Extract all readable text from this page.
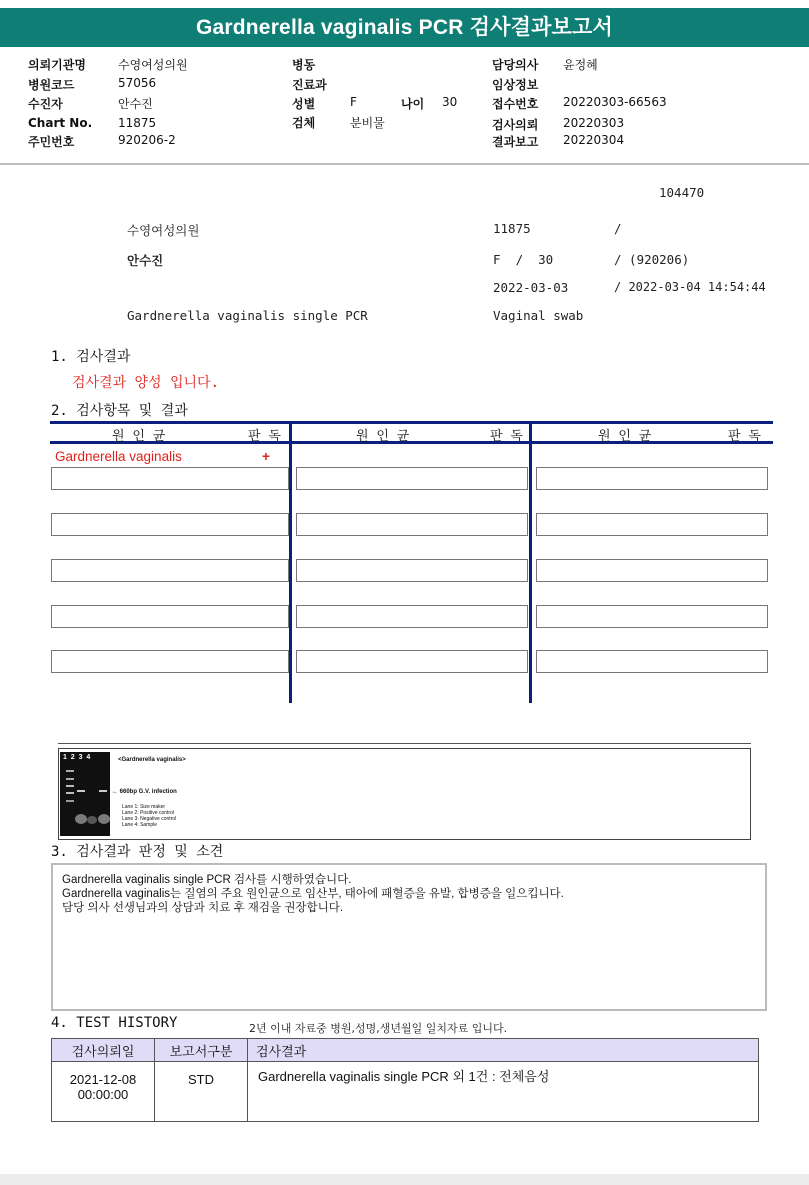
Gardnerella vaginalis PCR 검사결과보고서
의뢰기관명	수영여성의원
병원코드	57056
수진자	안수진
Chart No. 11875
주민번호	920206-2
병동
진료과
성별	F	나이 30
검체	분비물
담당의사 윤정혜
임상정보
접수번호 20220303-66563
검사의뢰 20220303
결과보고 20220304
104470
수영여성의원	11875	/
안수진	F  /  30	/ (920206)
2022-03-03	/ 2022-03-04 14:54:44
Gardnerella vaginalis single PCR	Vaginal swab
1. 검사결과
검사결과 양성 입니다.
2. 검사항목 및 결과
원 인 균	판 독	원 인 균	판 독	원 인 균	판 독
Gardnerella vaginalis	+
1  2  3  4	<Gardnerella vaginalis>
← 660bp G.V. infection
Lane 1: Size maker
Lane 2: Positive control
Lane 3: Negative control
Lane 4: Sample
3. 검사결과 판정 및 소견
Gardnerella vaginalis single PCR 검사를 시행하였습니다.
Gardnerella vaginalis는 질염의 주요 원인균으로 임산부, 태아에 패혈증을 유발, 합병증을 일으킵니다.
담당 의사 선생님과의 상담과 치료 후 재검을 권장합니다.
4. TEST HISTORY	2년 이내 자료중 병원,성명,생년월일 일치자료 입니다.
검사의뢰일	보고서구분	검사결과

2021-12-08
00:00:00	STD	Gardnerella vaginalis single PCR 외 1건 : 전체음성
